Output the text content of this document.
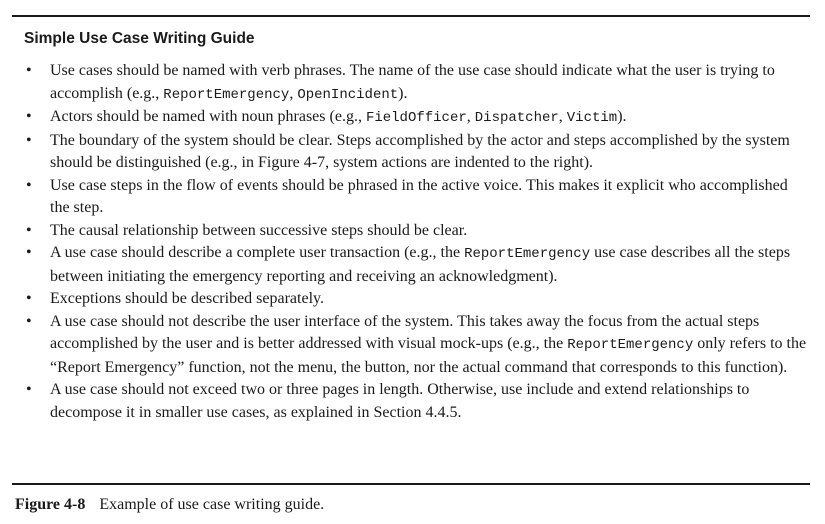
Simple Use Case Writing Guide
• Use cases should be named with verb phrases. The name of the use case should indicate what the user is trying to accomplish (e.g., ReportEmergency, OpenIncident).
• Actors should be named with noun phrases (e.g., FieldOfficer, Dispatcher, Victim).
• The boundary of the system should be clear. Steps accomplished by the actor and steps accomplished by the system should be distinguished (e.g., in Figure 4-7, system actions are indented to the right).
• Use case steps in the flow of events should be phrased in the active voice. This makes it explicit who accomplished the step.
• The causal relationship between successive steps should be clear.
• A use case should describe a complete user transaction (e.g., the ReportEmergency use case describes all the steps between initiating the emergency reporting and receiving an acknowledgment).
• Exceptions should be described separately.
• A use case should not describe the user interface of the system. This takes away the focus from the actual steps accomplished by the user and is better addressed with visual mock-ups (e.g., the ReportEmergency only refers to the “Report Emergency” function, not the menu, the button, nor the actual command that corresponds to this function).
• A use case should not exceed two or three pages in length. Otherwise, use include and extend relationships to decompose it in smaller use cases, as explained in Section 4.4.5.
Figure 4-8 Example of use case writing guide.
